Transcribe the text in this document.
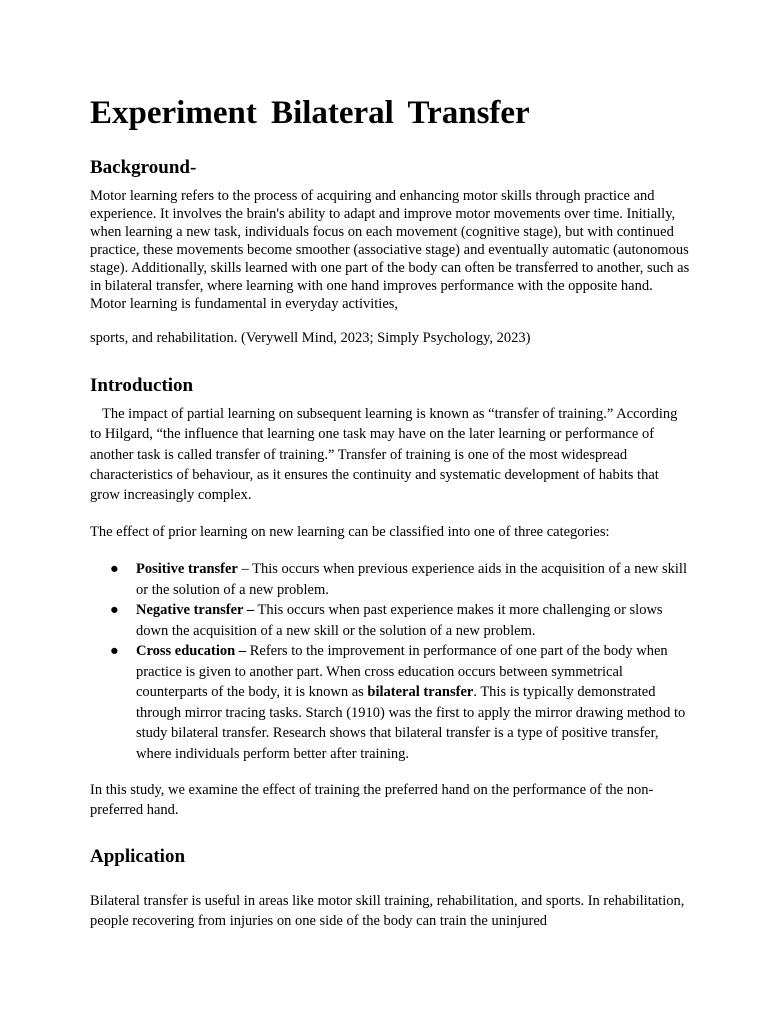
Experiment Bilateral Transfer
Background-

Motor learning refers to the process of acquiring and enhancing motor skills through practice and experience. It involves the brain's ability to adapt and improve motor movements over time. Initially, when learning a new task, individuals focus on each movement (cognitive stage), but with continued practice, these movements become smoother (associative stage) and eventually automatic (autonomous stage). Additionally, skills learned with one part of the body can often be transferred to another, such as in bilateral transfer, where learning with one hand improves performance with the opposite hand. Motor learning is fundamental in everyday activities,

sports, and rehabilitation. (Verywell Mind, 2023; Simply Psychology, 2023)

Introduction

The impact of partial learning on subsequent learning is known as “transfer of training.” According to Hilgard, “the influence that learning one task may have on the later learning or performance of another task is called transfer of training.” Transfer of training is one of the most widespread characteristics of behaviour, as it ensures the continuity and systematic development of habits that grow increasingly complex.

The effect of prior learning on new learning can be classified into one of three categories:

● Positive transfer – This occurs when previous experience aids in the acquisition of a new skill or the solution of a new problem.
● Negative transfer – This occurs when past experience makes it more challenging or slows down the acquisition of a new skill or the solution of a new problem.
● Cross education – Refers to the improvement in performance of one part of the body when practice is given to another part. When cross education occurs between symmetrical counterparts of the body, it is known as bilateral transfer. This is typically demonstrated through mirror tracing tasks. Starch (1910) was the first to apply the mirror drawing method to study bilateral transfer. Research shows that bilateral transfer is a type of positive transfer, where individuals perform better after training.

In this study, we examine the effect of training the preferred hand on the performance of the non-preferred hand.

Application

Bilateral transfer is useful in areas like motor skill training, rehabilitation, and sports. In rehabilitation, people recovering from injuries on one side of the body can train the uninjured
